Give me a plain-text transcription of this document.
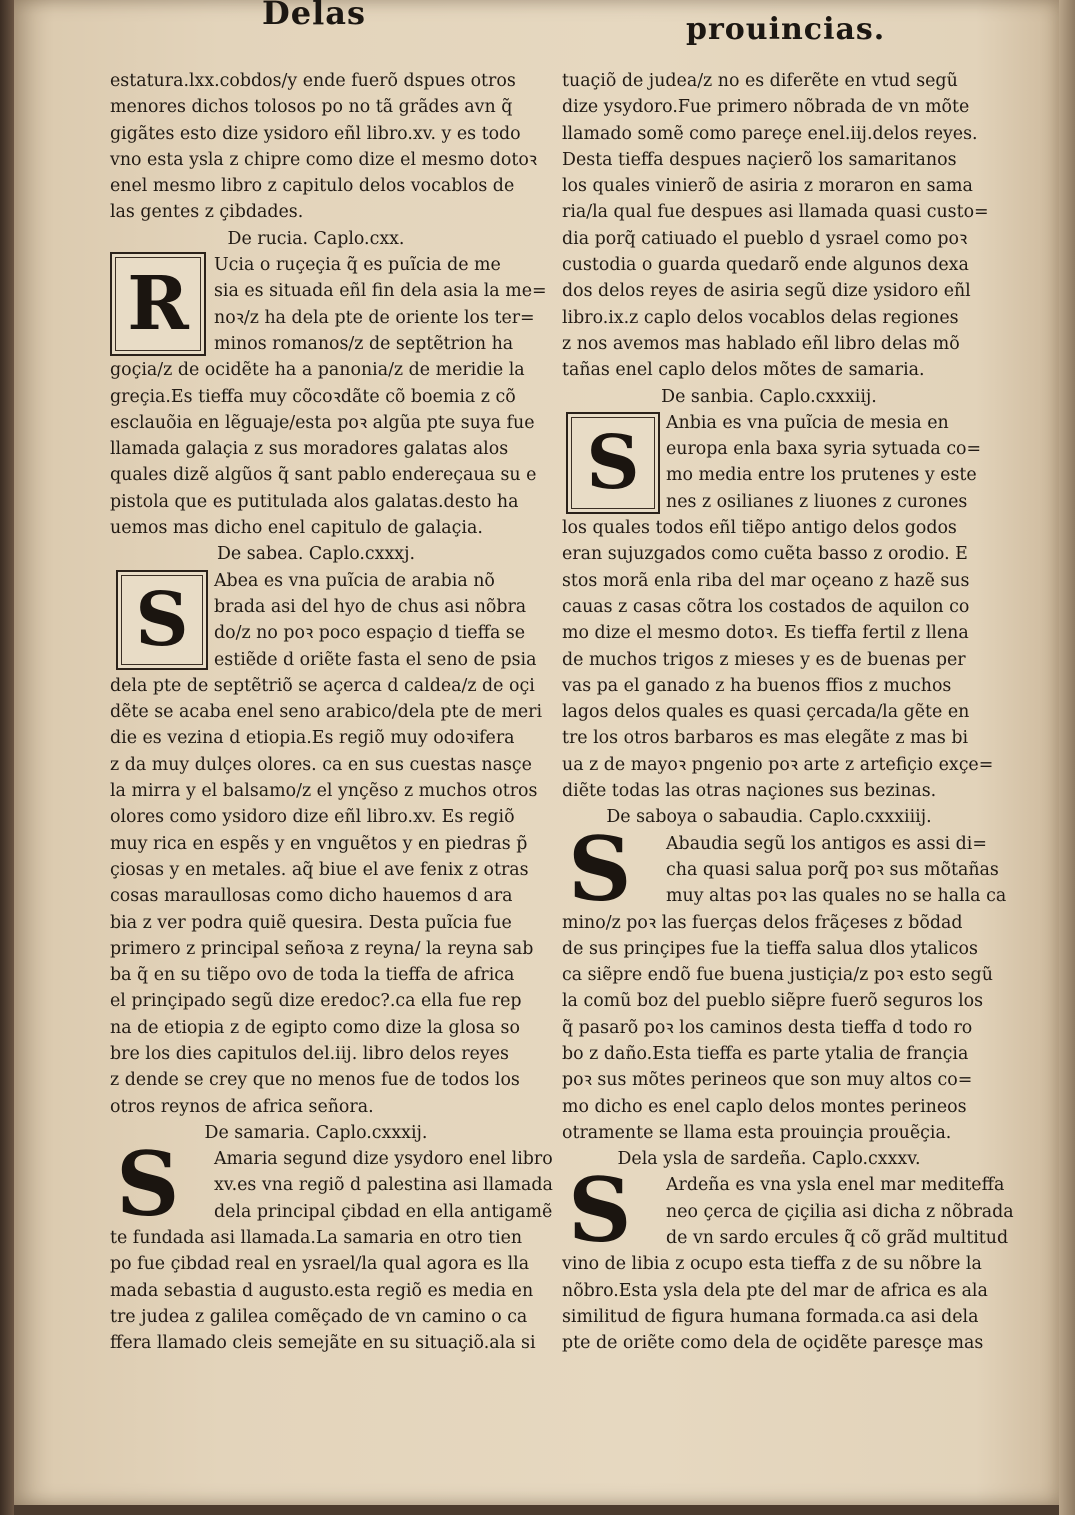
Delas	prouincias.
estatura.lxx.cobdos/y ende fuerõ dspues otros
menores dichos tolosos po no tã grãdes avn q̃
gigãtes esto dize ysidoro eñl libro.xv. y es todo
vno esta ysla z chipre como dize el mesmo dotoꝛ
enel mesmo libro z capitulo delos vocablos de
las gentes z çibdades.
De rucia. Caplo.cxx.
R	Ucia o ruçeçia q̃ es puĩcia de me
sia es situada eñl fin dela asia la me=
noꝛ/z ha dela pte de oriente los ter=
minos romanos/z de septẽtrion ha
goçia/z de ocidẽte ha a panonia/z de meridie la
greçia.Es tieffa muy cõcoꝛdãte cõ boemia z cõ
esclauõia en lẽguaje/esta poꝛ algũa pte suya fue
llamada galaçia z sus moradores galatas alos
quales dizẽ algũos q̃ sant pablo endereçaua su e
pistola que es putitulada alos galatas.desto ha
uemos mas dicho enel capitulo de galaçia.
De sabea. Caplo.cxxxj.
S	Abea es vna puĩcia de arabia nõ
brada asi del hyo de chus asi nõbra
do/z no poꝛ poco espaçio d tieffa se
estiẽde d oriẽte fasta el seno de psia
dela pte de septẽtriõ se açerca d caldea/z de oçi
dẽte se acaba enel seno arabico/dela pte de meri
die es vezina d etiopia.Es regiõ muy odoꝛifera
z da muy dulçes olores. ca en sus cuestas nasçe
la mirra y el balsamo/z el ynçẽso z muchos otros
olores como ysidoro dize eñl libro.xv. Es regiõ
muy rica en espẽs y en vnguẽtos y en piedras p̃
çiosas y en metales. aq̃ biue el ave fenix z otras
cosas maraullosas como dicho hauemos d ara
bia z ver podra quiẽ quesira. Desta puĩcia fue
primero z principal señoꝛa z reyna/ la reyna sab
ba q̃ en su tiẽpo ovo de toda la tieffa de africa
el prinçipado segũ dize eredoc?.ca ella fue rep
na de etiopia z de egipto como dize la glosa so
bre los dies capitulos del.iij. libro delos reyes
z dende se crey que no menos fue de todos los
otros reynos de africa señora.
De samaria. Caplo.cxxxij.
S	Amaria segund dize ysydoro enel libro
xv.es vna regiõ d palestina asi llamada
dela principal çibdad en ella antigamẽ
te fundada asi llamada.La samaria en otro tien
po fue çibdad real en ysrael/la qual agora es lla
mada sebastia d augusto.esta regiõ es media en
tre judea z galilea comẽçado de vn camino o ca
ffera llamado cleis semejãte en su situaçiõ.ala si
tuaçiõ de judea/z no es diferẽte en vtud segũ
dize ysydoro.Fue primero nõbrada de vn mõte
llamado somẽ como pareçe enel.iij.delos reyes.
Desta tieffa despues naçierõ los samaritanos
los quales vinierõ de asiria z moraron en sama
ria/la qual fue despues asi llamada quasi custo=
dia porq̃ catiuado el pueblo d ysrael como poꝛ
custodia o guarda quedarõ ende algunos dexa
dos delos reyes de asiria segũ dize ysidoro eñl
libro.ix.z caplo delos vocablos delas regiones
z nos avemos mas hablado eñl libro delas mõ
tañas enel caplo delos mõtes de samaria.
De sanbia. Caplo.cxxxiij.
S	Anbia es vna puĩcia de mesia en
europa enla baxa syria sytuada co=
mo media entre los prutenes y este
nes z osilianes z liuones z curones
los quales todos eñl tiẽpo antigo delos godos
eran sujuzgados como cuẽta basso z orodio. E
stos morã enla riba del mar oçeano z hazẽ sus
cauas z casas cõtra los costados de aquilon co
mo dize el mesmo dotoꝛ. Es tieffa fertil z llena
de muchos trigos z mieses y es de buenas per
vas pa el ganado z ha buenos ffios z muchos
lagos delos quales es quasi çercada/la gẽte en
tre los otros barbaros es mas elegãte z mas bi
ua z de mayoꝛ pngenio poꝛ arte z artefiçio exçe=
diẽte todas las otras naçiones sus bezinas.
De saboya o sabaudia. Caplo.cxxxiiij.
S	Abaudia segũ los antigos es assi di=
cha quasi salua porq̃ poꝛ sus mõtañas
muy altas poꝛ las quales no se halla ca
mino/z poꝛ las fuerças delos frãçeses z bõdad
de sus prinçipes fue la tieffa salua dlos ytalicos
ca siẽpre endõ fue buena justiçia/z poꝛ esto segũ
la comũ boz del pueblo siẽpre fuerõ seguros los
q̃ pasarõ poꝛ los caminos desta tieffa d todo ro
bo z daño.Esta tieffa es parte ytalia de françia
poꝛ sus mõtes perineos que son muy altos co=
mo dicho es enel caplo delos montes perineos
otramente se llama esta prouinçia prouẽçia.
Dela ysla de sardeña. Caplo.cxxxv.
S	Ardeña es vna ysla enel mar mediteffa
neo çerca de çiçilia asi dicha z nõbrada
de vn sardo ercules q̃ cõ grãd multitud
vino de libia z ocupo esta tieffa z de su nõbre la
nõbro.Esta ysla dela pte del mar de africa es ala
similitud de figura humana formada.ca asi dela
pte de oriẽte como dela de oçidẽte paresçe mas
